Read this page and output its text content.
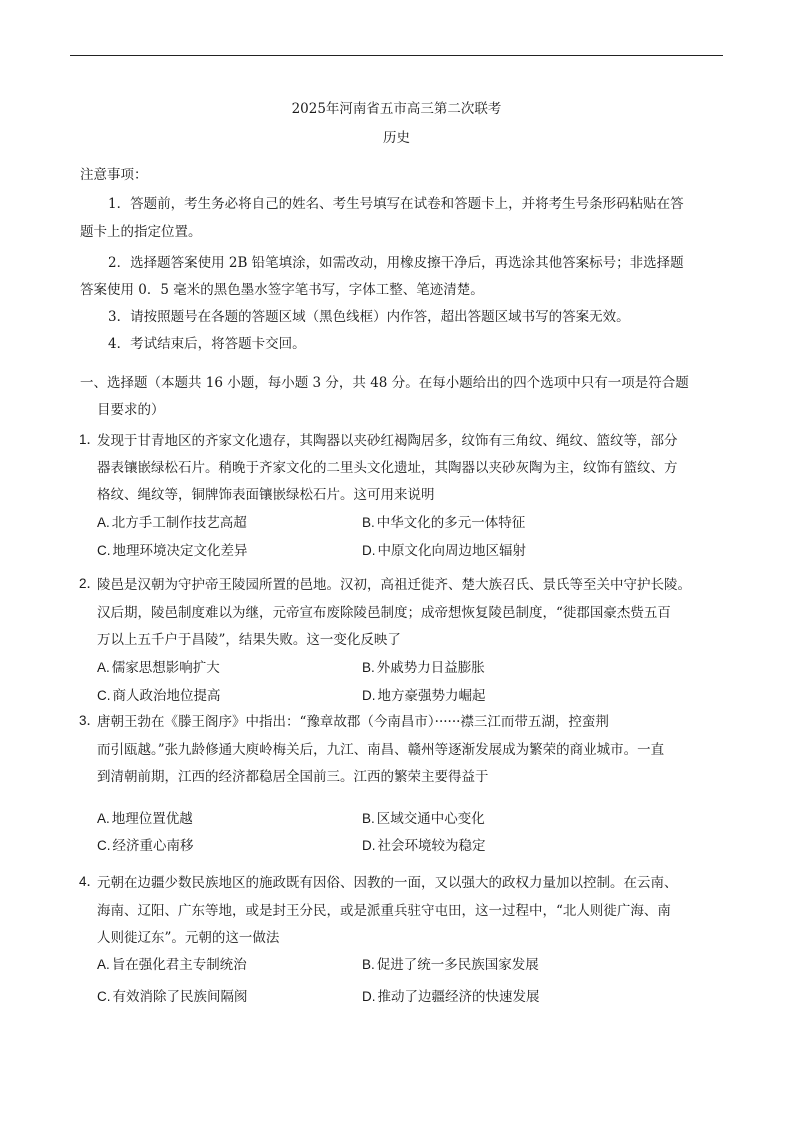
2025年河南省五市高三第二次联考
历史
注意事项：
1．答题前，考生务必将自己的姓名、考生号填写在试卷和答题卡上，并将考生号条形码粘贴在答
题卡上的指定位置。
2．选择题答案使用 2B 铅笔填涂，如需改动，用橡皮擦干净后，再选涂其他答案标号；非选择题
答案使用 0．5 毫米的黑色墨水签字笔书写，字体工整、笔迹清楚。
3．请按照题号在各题的答题区域（黑色线框）内作答，超出答题区域书写的答案无效。
4．考试结束后，将答题卡交回。
一、选择题（本题共 16 小题，每小题 3 分，共 48 分。在每小题给出的四个选项中只有一项是符合题
目要求的）
1．
发现于甘青地区的齐家文化遗存，其陶器以夹砂红褐陶居多，纹饰有三角纹、绳纹、篮纹等，部分
器表镶嵌绿松石片。稍晚于齐家文化的二里头文化遗址，其陶器以夹砂灰陶为主，纹饰有篮纹、方
格纹、绳纹等，铜牌饰表面镶嵌绿松石片。这可用来说明
A. 北方手工制作技艺高超	B. 中华文化的多元一体特征
C. 地理环境决定文化差异	D. 中原文化向周边地区辐射
2．
陵邑是汉朝为守护帝王陵园所置的邑地。汉初，高祖迁徙齐、楚大族召氏、景氏等至关中守护长陵。
汉后期，陵邑制度难以为继，元帝宣布废除陵邑制度；成帝想恢复陵邑制度，“徙郡国豪杰赀五百
万以上五千户于昌陵”，结果失败。这一变化反映了
A. 儒家思想影响扩大	B. 外戚势力日益膨胀
C. 商人政治地位提高	D. 地方豪强势力崛起
3．
唐朝王勃在《滕王阁序》中指出：“豫章故郡（今南昌市）······襟三江而带五湖，控蛮荆
而引瓯越。”张九龄修通大庾岭梅关后，九江、南昌、赣州等逐渐发展成为繁荣的商业城市。一直
到清朝前期，江西的经济都稳居全国前三。江西的繁荣主要得益于
A. 地理位置优越	B. 区域交通中心变化
C. 经济重心南移	D. 社会环境较为稳定
4．
元朝在边疆少数民族地区的施政既有因俗、因教的一面，又以强大的政权力量加以控制。在云南、
海南、辽阳、广东等地，或是封王分民，或是派重兵驻守屯田，这一过程中，“北人则徙广海、南
人则徙辽东”。元朝的这一做法
A. 旨在强化君主专制统治	B. 促进了统一多民族国家发展
C. 有效消除了民族间隔阂	D. 推动了边疆经济的快速发展
